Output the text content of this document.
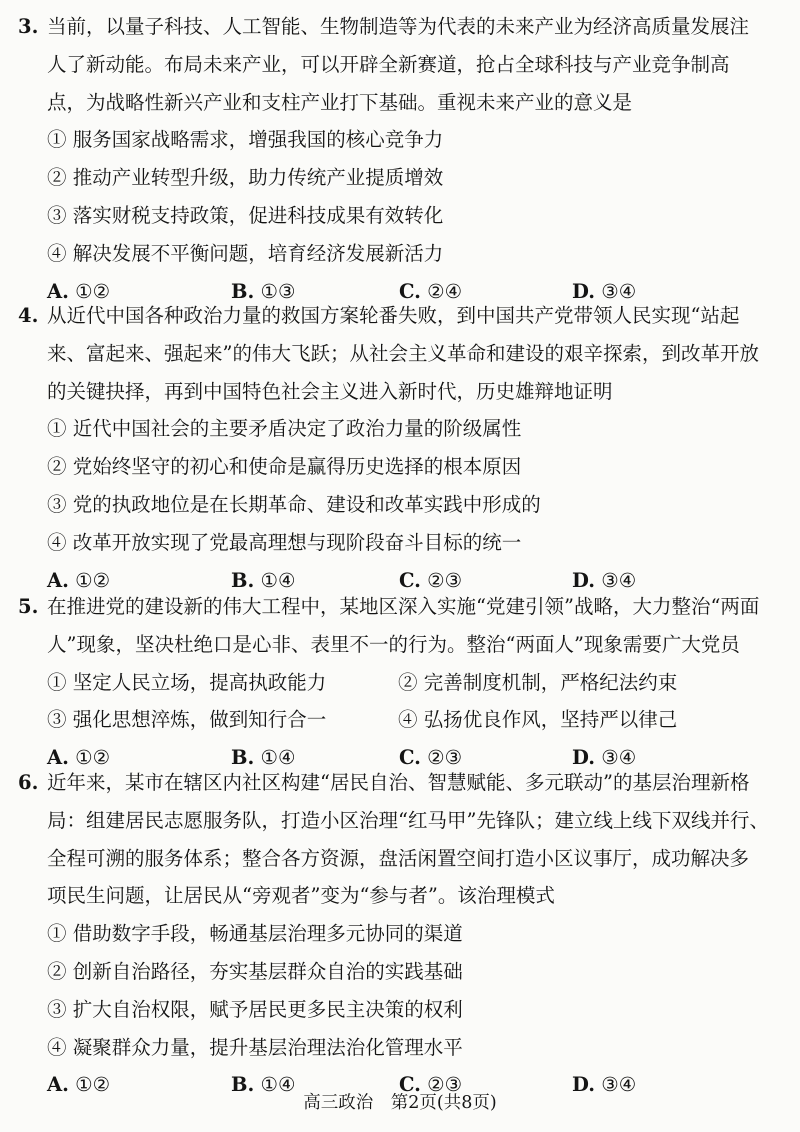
3. 当前，以量子科技、人工智能、生物制造等为代表的未来产业为经济高质量发展注
人了新动能。布局未来产业，可以开辟全新赛道，抢占全球科技与产业竞争制高
点，为战略性新兴产业和支柱产业打下基础。重视未来产业的意义是
① 服务国家战略需求，增强我国的核心竞争力
② 推动产业转型升级，助力传统产业提质增效
③ 落实财税支持政策，促进科技成果有效转化
④ 解决发展不平衡问题，培育经济发展新活力
A. ①②	B. ①③	C. ②④	D. ③④
4. 从近代中国各种政治力量的救国方案轮番失败，到中国共产党带领人民实现“站起
来、富起来、强起来”的伟大飞跃；从社会主义革命和建设的艰辛探索，到改革开放
的关键抉择，再到中国特色社会主义进入新时代，历史雄辩地证明
① 近代中国社会的主要矛盾决定了政治力量的阶级属性
② 党始终坚守的初心和使命是赢得历史选择的根本原因
③ 党的执政地位是在长期革命、建设和改革实践中形成的
④ 改革开放实现了党最高理想与现阶段奋斗目标的统一
A. ①②	B. ①④	C. ②③	D. ③④
5. 在推进党的建设新的伟大工程中，某地区深入实施“党建引领”战略，大力整治“两面
人”现象，坚决杜绝口是心非、表里不一的行为。整治“两面人”现象需要广大党员
① 坚定人民立场，提高执政能力	② 完善制度机制，严格纪法约束
③ 强化思想淬炼，做到知行合一	④ 弘扬优良作风，坚持严以律己
A. ①②	B. ①④	C. ②③	D. ③④
6. 近年来，某市在辖区内社区构建“居民自治、智慧赋能、多元联动”的基层治理新格
局：组建居民志愿服务队，打造小区治理“红马甲”先锋队；建立线上线下双线并行、
全程可溯的服务体系；整合各方资源，盘活闲置空间打造小区议事厅，成功解决多
项民生问题，让居民从“旁观者”变为“参与者”。该治理模式
① 借助数字手段，畅通基层治理多元协同的渠道
② 创新自治路径，夯实基层群众自治的实践基础
③ 扩大自治权限，赋予居民更多民主决策的权利
④ 凝聚群众力量，提升基层治理法治化管理水平
A. ①②	B. ①④	C. ②③	D. ③④
高三政治　第2页(共8页)
